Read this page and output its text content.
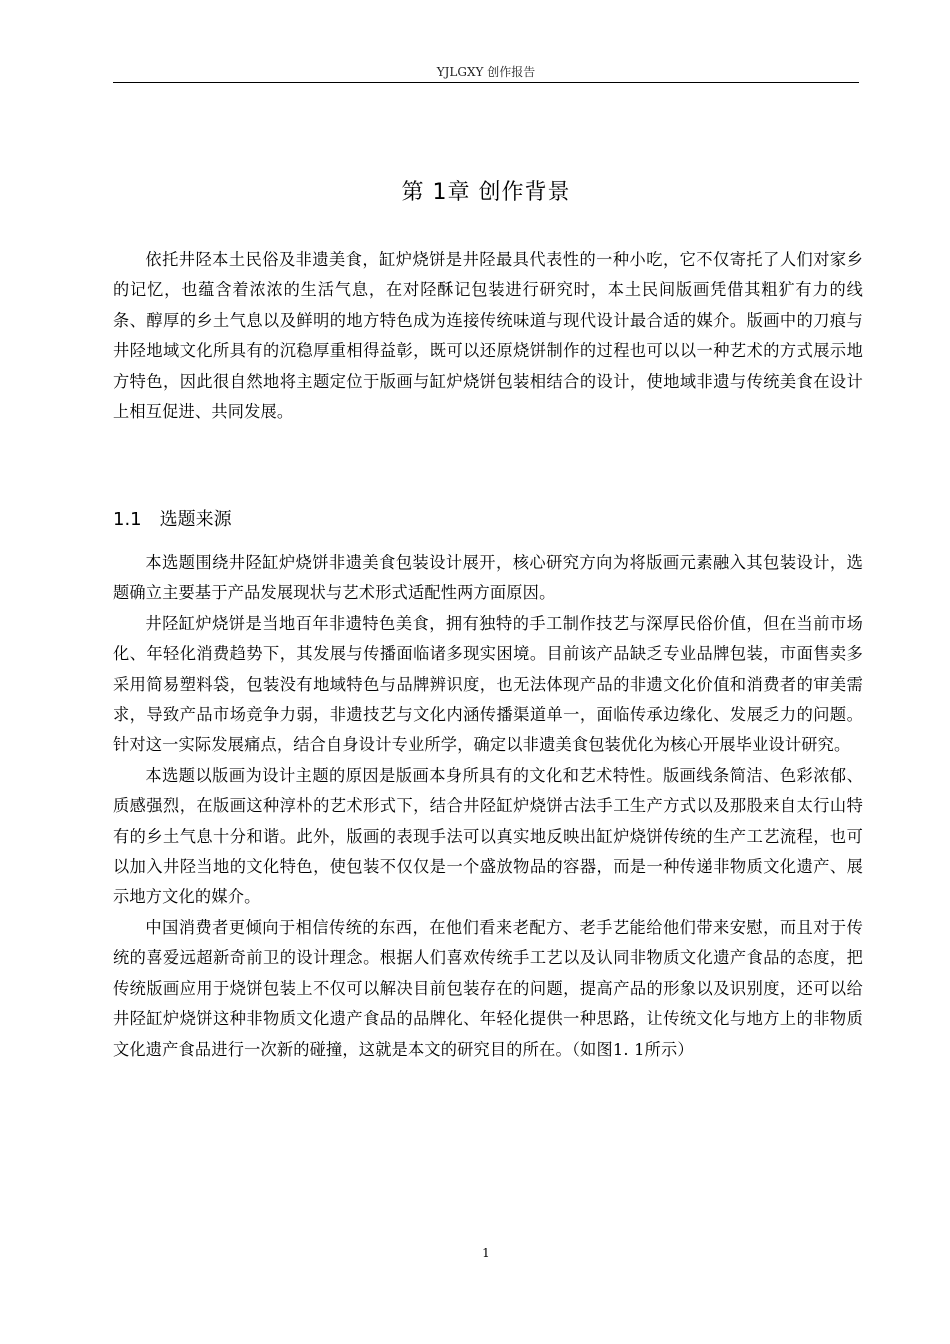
YJLGXY 创作报告
第 1章 创作背景

依托井陉本土民俗及非遗美食，缸炉烧饼是井陉最具代表性的一种小吃，它不仅寄托了人们对家乡的记忆，也蕴含着浓浓的生活气息，在对陉酥记包装进行研究时，本土民间版画凭借其粗犷有力的线条、醇厚的乡土气息以及鲜明的地方特色成为连接传统味道与现代设计最合适的媒介。版画中的刀痕与井陉地域文化所具有的沉稳厚重相得益彰，既可以还原烧饼制作的过程也可以以一种艺术的方式展示地方特色，因此很自然地将主题定位于版画与缸炉烧饼包装相结合的设计，使地域非遗与传统美食在设计上相互促进、共同发展。

1.1 选题来源

本选题围绕井陉缸炉烧饼非遗美食包装设计展开，核心研究方向为将版画元素融入其包装设计，选题确立主要基于产品发展现状与艺术形式适配性两方面原因。

井陉缸炉烧饼是当地百年非遗特色美食，拥有独特的手工制作技艺与深厚民俗价值，但在当前市场化、年轻化消费趋势下，其发展与传播面临诸多现实困境。目前该产品缺乏专业品牌包装，市面售卖多采用简易塑料袋，包装没有地域特色与品牌辨识度，也无法体现产品的非遗文化价值和消费者的审美需求，导致产品市场竞争力弱，非遗技艺与文化内涵传播渠道单一，面临传承边缘化、发展乏力的问题。针对这一实际发展痛点，结合自身设计专业所学，确定以非遗美食包装优化为核心开展毕业设计研究。

本选题以版画为设计主题的原因是版画本身所具有的文化和艺术特性。版画线条简洁、色彩浓郁、质感强烈，在版画这种淳朴的艺术形式下，结合井陉缸炉烧饼古法手工生产方式以及那股来自太行山特有的乡土气息十分和谐。此外，版画的表现手法可以真实地反映出缸炉烧饼传统的生产工艺流程，也可以加入井陉当地的文化特色，使包装不仅仅是一个盛放物品的容器，而是一种传递非物质文化遗产、展示地方文化的媒介。

中国消费者更倾向于相信传统的东西，在他们看来老配方、老手艺能给他们带来安慰，而且对于传统的喜爱远超新奇前卫的设计理念。根据人们喜欢传统手工艺以及认同非物质文化遗产食品的态度，把传统版画应用于烧饼包装上不仅可以解决目前包装存在的问题，提高产品的形象以及识别度，还可以给井陉缸炉烧饼这种非物质文化遗产食品的品牌化、年轻化提供一种思路，让传统文化与地方上的非物质文化遗产食品进行一次新的碰撞，这就是本文的研究目的所在。（如图1. 1所示）

1
